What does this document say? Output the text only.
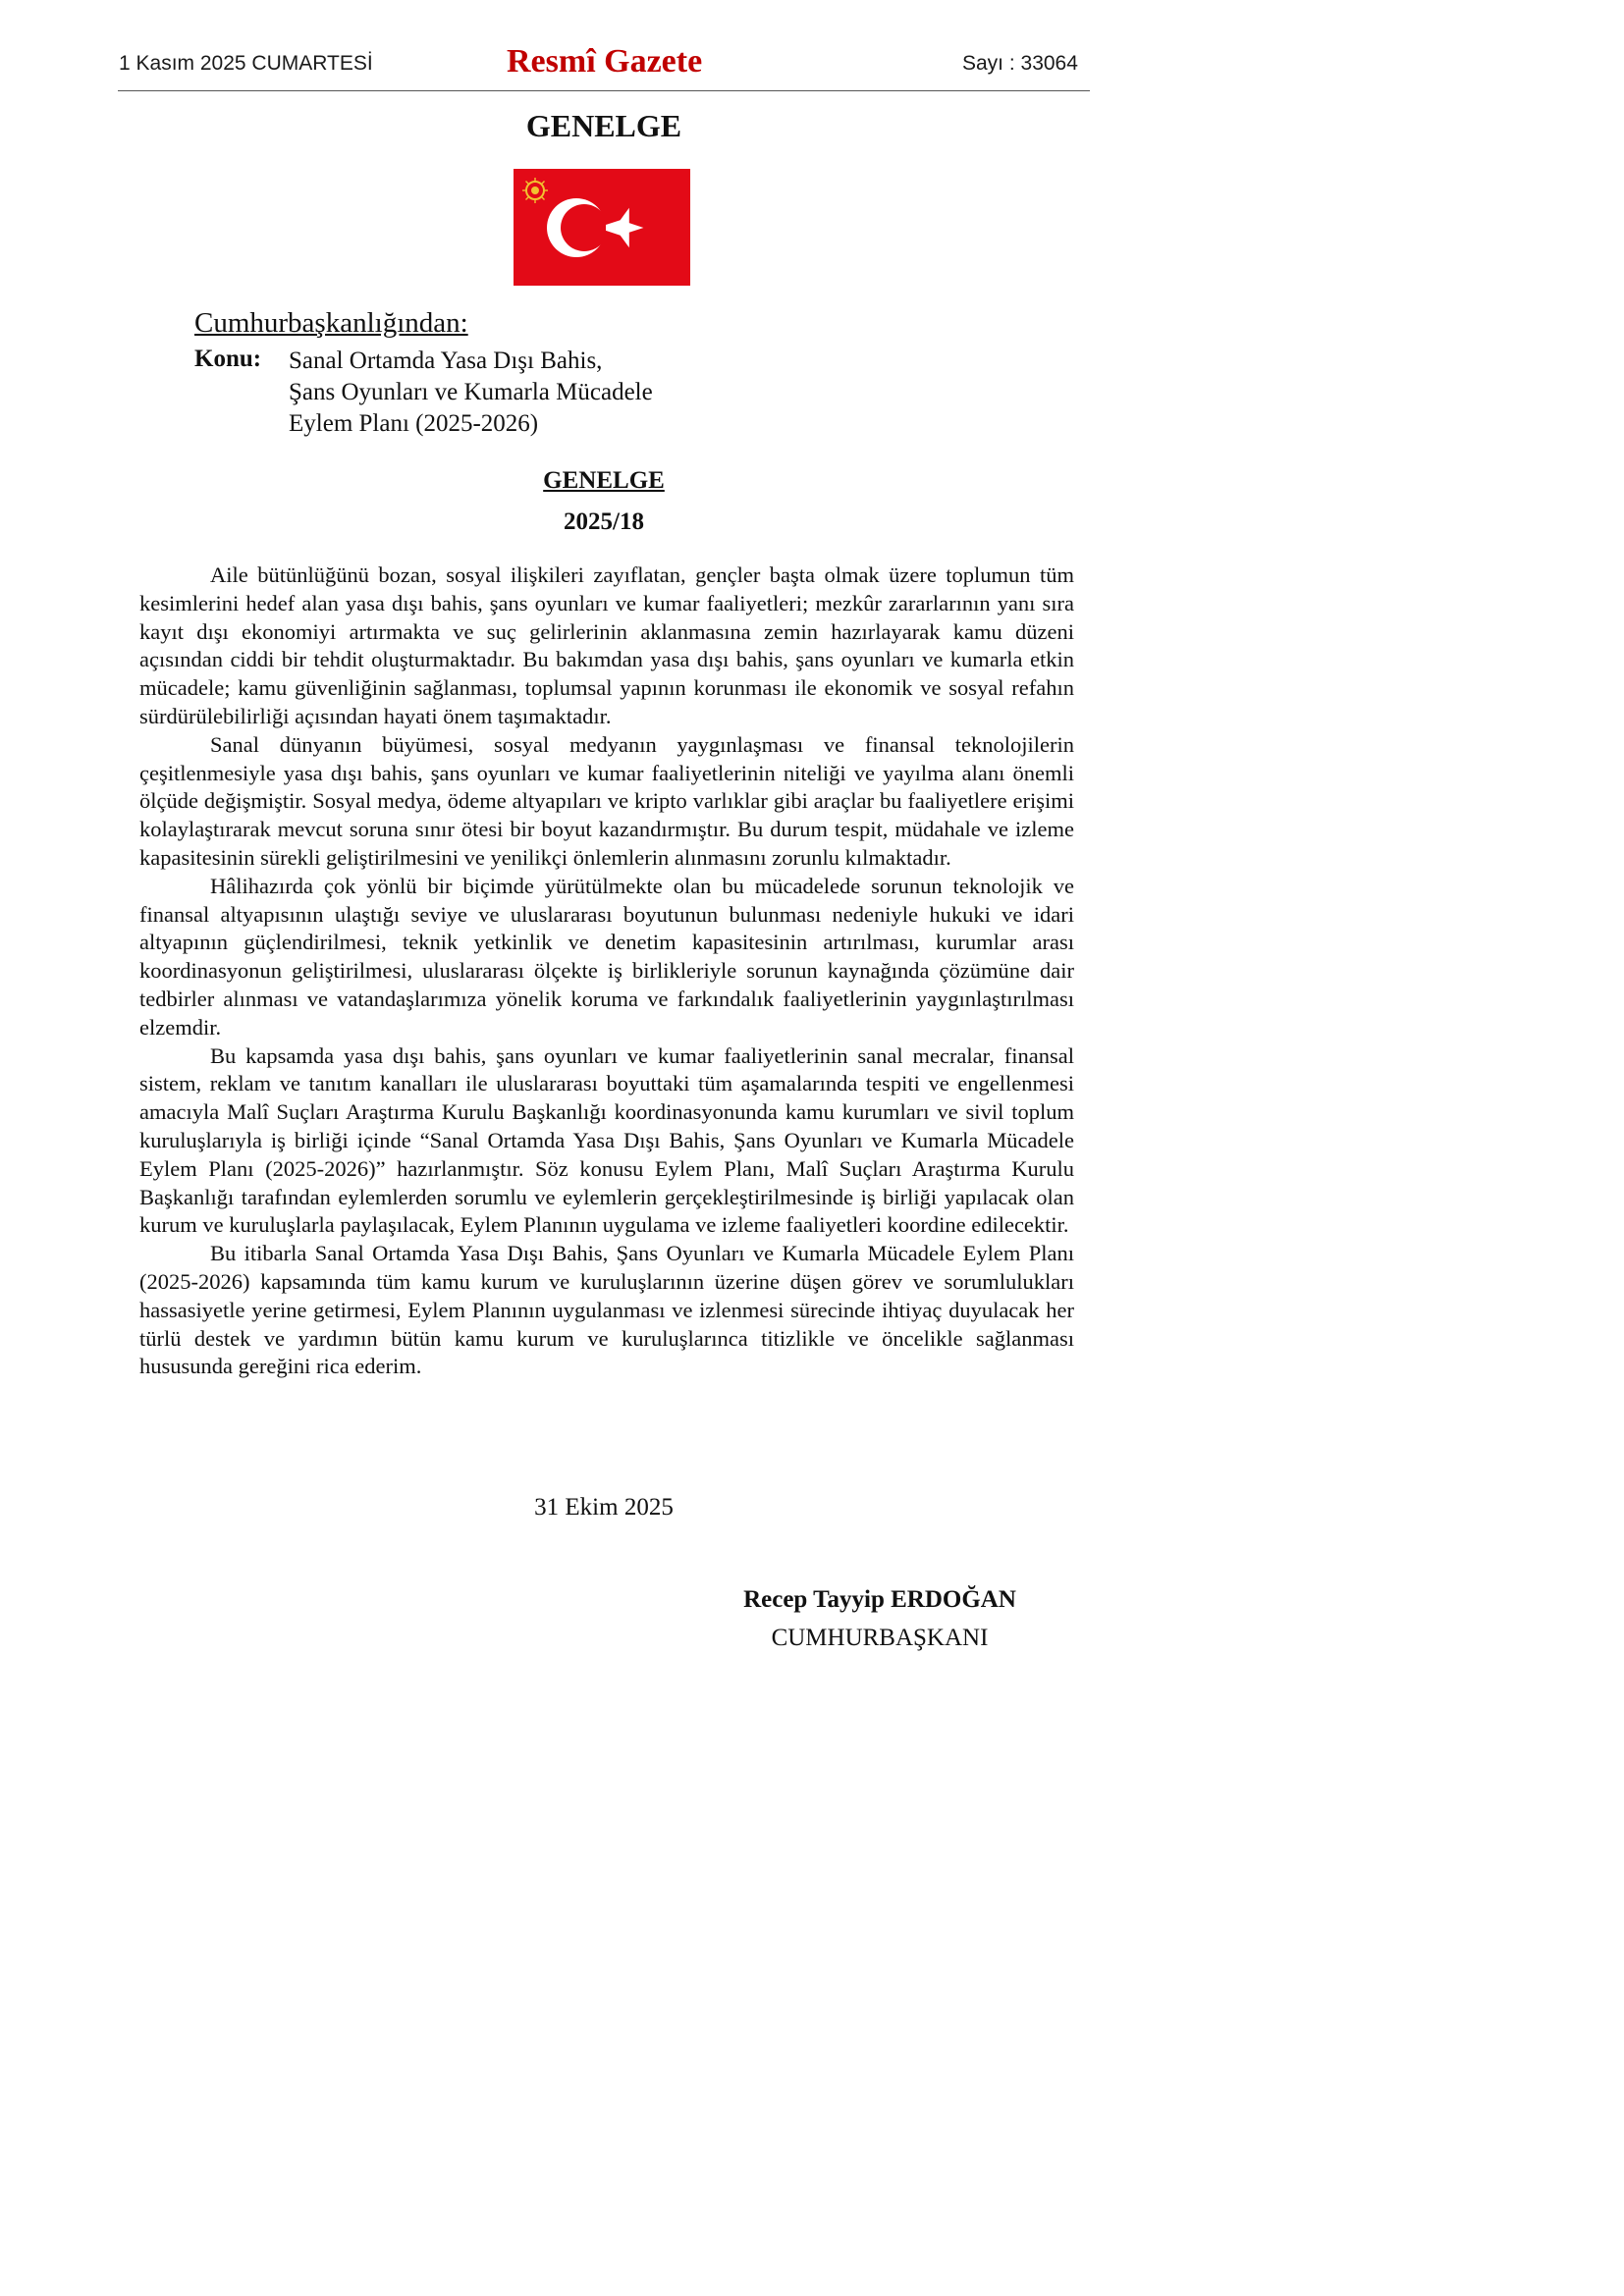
1 Kasım 2025 CUMARTESİ	Resmî Gazete	Sayı : 33064
GENELGE
Cumhurbaşkanlığından:
Konu: Sanal Ortamda Yasa Dışı Bahis,
Şans Oyunları ve Kumarla Mücadele
Eylem Planı (2025-2026)
GENELGE
2025/18

Aile bütünlüğünü bozan, sosyal ilişkileri zayıflatan, gençler başta olmak üzere toplumun tüm kesimlerini hedef alan yasa dışı bahis, şans oyunları ve kumar faaliyetleri; mezkûr zararlarının yanı sıra kayıt dışı ekonomiyi artırmakta ve suç gelirlerinin aklanmasına zemin hazırlayarak kamu düzeni açısından ciddi bir tehdit oluşturmaktadır. Bu bakımdan yasa dışı bahis, şans oyunları ve kumarla etkin mücadele; kamu güvenliğinin sağlanması, toplumsal yapının korunması ile ekonomik ve sosyal refahın sürdürülebilirliği açısından hayati önem taşımaktadır.

Sanal dünyanın büyümesi, sosyal medyanın yaygınlaşması ve finansal teknolojilerin çeşitlenmesiyle yasa dışı bahis, şans oyunları ve kumar faaliyetlerinin niteliği ve yayılma alanı önemli ölçüde değişmiştir. Sosyal medya, ödeme altyapıları ve kripto varlıklar gibi araçlar bu faaliyetlere erişimi kolaylaştırarak mevcut soruna sınır ötesi bir boyut kazandırmıştır. Bu durum tespit, müdahale ve izleme kapasitesinin sürekli geliştirilmesini ve yenilikçi önlemlerin alınmasını zorunlu kılmaktadır.

Hâlihazırda çok yönlü bir biçimde yürütülmekte olan bu mücadelede sorunun teknolojik ve finansal altyapısının ulaştığı seviye ve uluslararası boyutunun bulunması nedeniyle hukuki ve idari altyapının güçlendirilmesi, teknik yetkinlik ve denetim kapasitesinin artırılması, kurumlar arası koordinasyonun geliştirilmesi, uluslararası ölçekte iş birlikleriyle sorunun kaynağında çözümüne dair tedbirler alınması ve vatandaşlarımıza yönelik koruma ve farkındalık faaliyetlerinin yaygınlaştırılması elzemdir.

Bu kapsamda yasa dışı bahis, şans oyunları ve kumar faaliyetlerinin sanal mecralar, finansal sistem, reklam ve tanıtım kanalları ile uluslararası boyuttaki tüm aşamalarında tespiti ve engellenmesi amacıyla Malî Suçları Araştırma Kurulu Başkanlığı koordinasyonunda kamu kurumları ve sivil toplum kuruluşlarıyla iş birliği içinde “Sanal Ortamda Yasa Dışı Bahis, Şans Oyunları ve Kumarla Mücadele Eylem Planı (2025-2026)” hazırlanmıştır. Söz konusu Eylem Planı, Malî Suçları Araştırma Kurulu Başkanlığı tarafından eylemlerden sorumlu ve eylemlerin gerçekleştirilmesinde iş birliği yapılacak olan kurum ve kuruluşlarla paylaşılacak, Eylem Planının uygulama ve izleme faaliyetleri koordine edilecektir.

Bu itibarla Sanal Ortamda Yasa Dışı Bahis, Şans Oyunları ve Kumarla Mücadele Eylem Planı (2025-2026) kapsamında tüm kamu kurum ve kuruluşlarının üzerine düşen görev ve sorumlulukları hassasiyetle yerine getirmesi, Eylem Planının uygulanması ve izlenmesi sürecinde ihtiyaç duyulacak her türlü destek ve yardımın bütün kamu kurum ve kuruluşlarınca titizlikle ve öncelikle sağlanması hususunda gereğini rica ederim.

31 Ekim 2025
Recep Tayyip ERDOĞAN
CUMHURBAŞKANI
